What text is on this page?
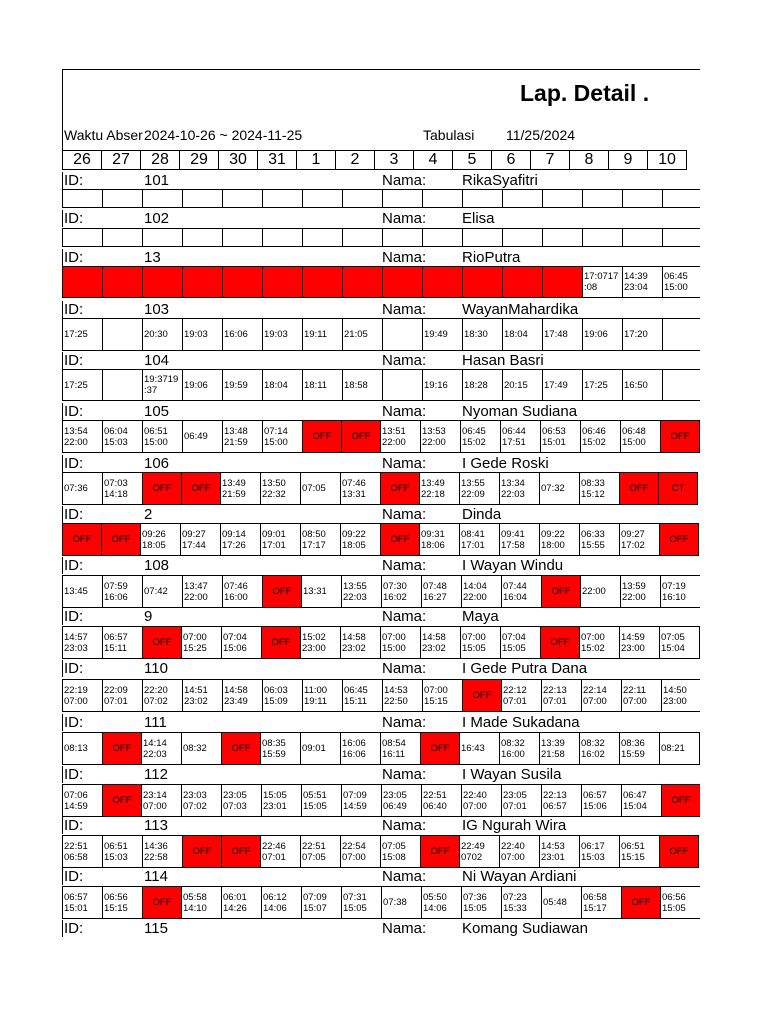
Lap. Detail .
Waktu Abser 2024-10-26 ~ 2024-11-25	Tabulasi 11/25/2024
26	27	28	29	30	31	1	2	3	4	5	6	7	8	9	10
ID:	101	Nama: RikaSyafitri

ID:	102	Nama: Elisa

ID:	13	Nama: RioPutra
													17:0717
:08	14:39
23:04	06:45
15:00
ID:	103	Nama: WayanMahardika
17:25		20:30	19:03	16:06	19:03	19:11	21:05		19:49	18:30	18:04	17:48	19:06	17:20	
ID:	104	Nama: Hasan Basri
17:25		19:3719
:37	19:06	19:59	18:04	18:11	18:58		19:16	18:28	20:15	17:49	17:25	16:50	
ID:	105	Nama: Nyoman Sudiana
13:54
22:00	06:04
15:03	06:51
15:00	06:49	13:48
21:59	07:14
15:00	OFF	OFF	13:51
22:00	13:53
22:00	06:45
15:02	06:44
17:51	06:53
15:01	06:46
15:02	06:48
15:00	OFF
ID:	106	Nama: I Gede Roski
07:36	07:03
14:18	OFF	OFF	13:49
21:59	13:50
22:32	07:05	07:46
13:31	OFF	13:49
22:18	13:55
22:09	13:34
22:03	07:32	08:33
15:12	OFF	CT
ID:	2	Nama: Dinda
OFF	OFF	09:26
18:05	09:27
17:44	09:14
17:26	09:01
17:01	08:50
17:17	09:22
18:05	OFF	09:31
18:06	08:41
17:01	09:41
17:58	09:22
18:00	06:33
15:55	09:27
17:02	OFF
ID:	108	Nama: I Wayan Windu
13:45	07:59
16:06	07:42	13:47
22:00	07:46
16:00	OFF	13:31	13:55
22:03	07:30
16:02	07:48
16:27	14:04
22:00	07:44
16:04	OFF	22:00	13:59
22:00	07:19
16:10
ID:	9	Nama: Maya
14:57
23:03	06:57
15:11	OFF	07:00
15:25	07:04
15:06	OFF	15:02
23:00	14:58
23:02	07:00
15:00	14:58
23:02	07:00
15:05	07:04
15:05	OFF	07:00
15:02	14:59
23:00	07:05
15:04
ID:	110	Nama: I Gede Putra Dana
22:19
07:00	22:09
07:01	22:20
07:02	14:51
23:02	14:58
23:49	06:03
15:09	11:00
19:11	06:45
15:11	14:53
22:50	07:00
15:15	OFF	22:12
07:01	22:13
07:01	22:14
07:00	22:11
07:00	14:50
23:00
ID:	111	Nama: I Made Sukadana
08:13	OFF	14:14
22:03	08:32	OFF	08:35
15:59	09:01	16:06
16:06	08:54
16:11	OFF	16:43	08:32
16:00	13:39
21:58	08:32
16:02	08:36
15:59	08:21
ID:	112	Nama: I Wayan Susila
07:06
14:59	OFF	23:14
07:00	23:03
07:02	23:05
07:03	15:05
23:01	05:51
15:05	07:09
14:59	23:05
06:49	22:51
06:40	22:40
07:00	23:05
07:01	22:13
06:57	06:57
15:06	06:47
15:04	OFF
ID:	113	Nama: IG Ngurah Wira
22:51
06:58	06:51
15:03	14:36
22:58	OFF	OFF	22:46
07:01	22:51
07:05	22:54
07:00	07:05
15:08	OFF	22:49
0702	22:40
07:00	14:53
23:01	06:17
15:03	06:51
15:15	OFF
ID:	114	Nama: Ni Wayan Ardiani
06:57
15:01	06:56
15:15	OFF	05:58
14:10	06:01
14:26	06:12
14:06	07:09
15:07	07:31
15:05	07:38	05:50
14:06	07:36
15:05	07:23
15:33	05:48	06:58
15:17	OFF	06:56
15:05
ID:	115	Nama: Komang Sudiawan
